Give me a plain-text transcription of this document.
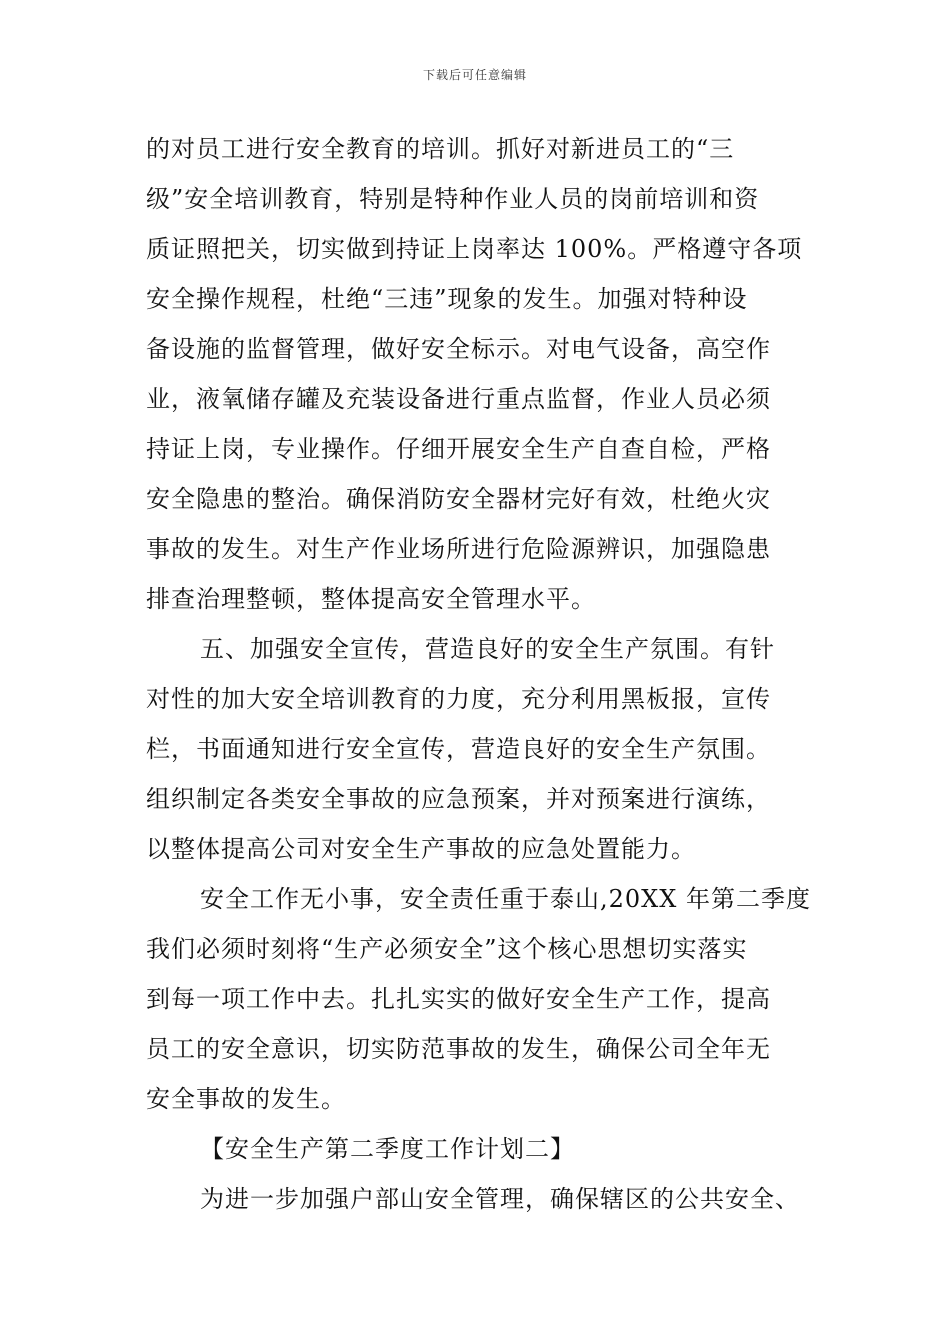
下载后可任意编辑
的对员工进行安全教育的培训。抓好对新进员工的“三
级”安全培训教育，特别是特种作业人员的岗前培训和资
质证照把关，切实做到持证上岗率达 100%。严格遵守各项
安全操作规程，杜绝“三违”现象的发生。加强对特种设
备设施的监督管理，做好安全标示。对电气设备，高空作
业，液氧储存罐及充装设备进行重点监督，作业人员必须
持证上岗，专业操作。仔细开展安全生产自查自检，严格
安全隐患的整治。确保消防安全器材完好有效，杜绝火灾
事故的发生。对生产作业场所进行危险源辨识，加强隐患
排查治理整顿，整体提高安全管理水平。
五、加强安全宣传，营造良好的安全生产氛围。有针
对性的加大安全培训教育的力度，充分利用黑板报，宣传
栏，书面通知进行安全宣传，营造良好的安全生产氛围。
组织制定各类安全事故的应急预案，并对预案进行演练，
以整体提高公司对安全生产事故的应急处置能力。
安全工作无小事，安全责任重于泰山,20XX 年第二季度
我们必须时刻将“生产必须安全”这个核心思想切实落实
到每一项工作中去。扎扎实实的做好安全生产工作，提高
员工的安全意识，切实防范事故的发生，确保公司全年无
安全事故的发生。
【安全生产第二季度工作计划二】
为进一步加强户部山安全管理，确保辖区的公共安全、
